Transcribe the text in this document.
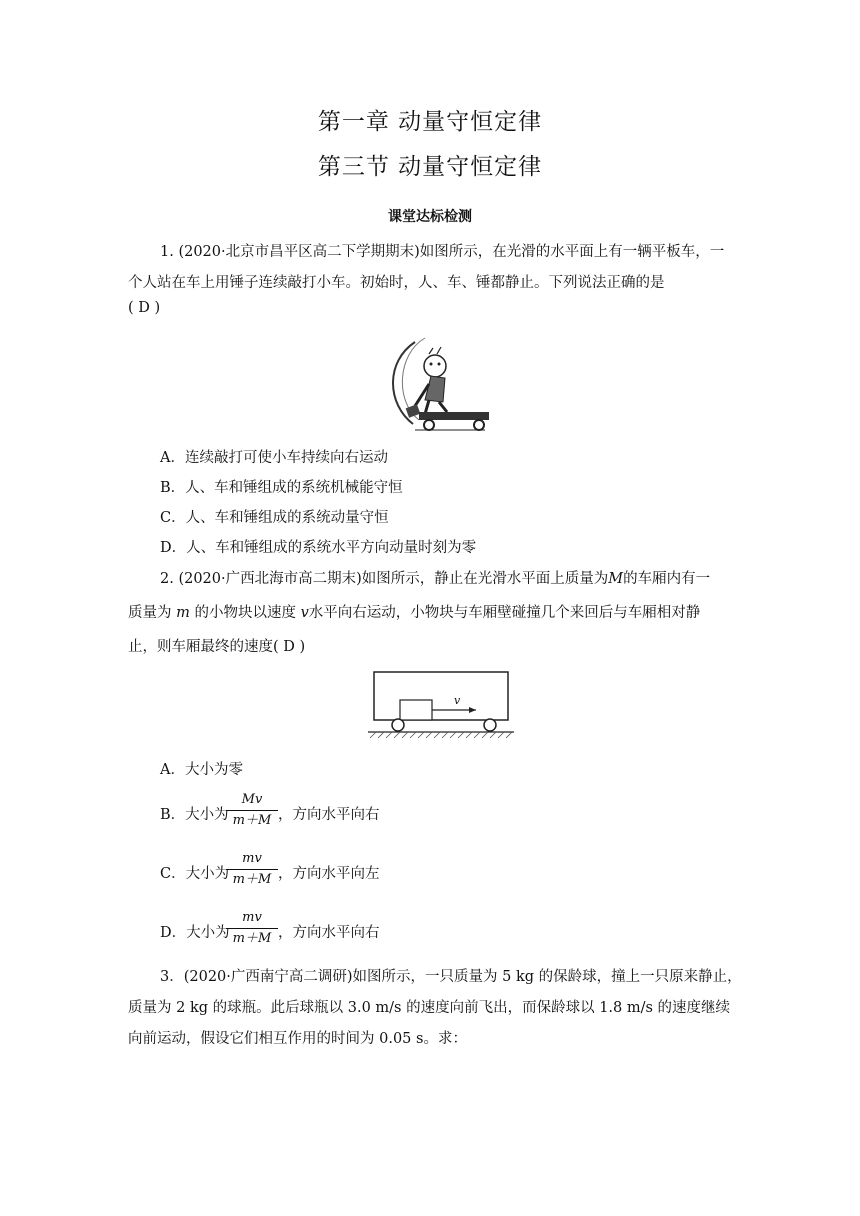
第一章 动量守恒定律
第三节 动量守恒定律
课堂达标检测
1. (2020·北京市昌平区高二下学期期末)如图所示，在光滑的水平面上有一辆平板车，一
个人站在车上用锤子连续敲打小车。初始时，人、车、锤都静止。下列说法正确的是
( D )
A．连续敲打可使小车持续向右运动
B．人、车和锤组成的系统机械能守恒
C．人、车和锤组成的系统动量守恒
D．人、车和锤组成的系统水平方向动量时刻为零
2. (2020·广西北海市高二期末)如图所示，静止在光滑水平面上质量为M的车厢内有一
质量为 m 的小物块以速度 v水平向右运动，小物块与车厢壁碰撞几个来回后与车厢相对静
止，则车厢最终的速度( D )
v
A．大小为零
B．大小为
Mv
m＋M ，方向水平向右
C．大小为
mv
m＋M ，方向水平向左
D．大小为
mv
m＋M ，方向水平向右
3．(2020·广西南宁高二调研)如图所示，一只质量为 5 kg 的保龄球，撞上一只原来静止，
质量为 2 kg 的球瓶。此后球瓶以 3.0 m/s 的速度向前飞出，而保龄球以 1.8 m/s 的速度继续
向前运动，假设它们相互作用的时间为 0.05 s。求：
